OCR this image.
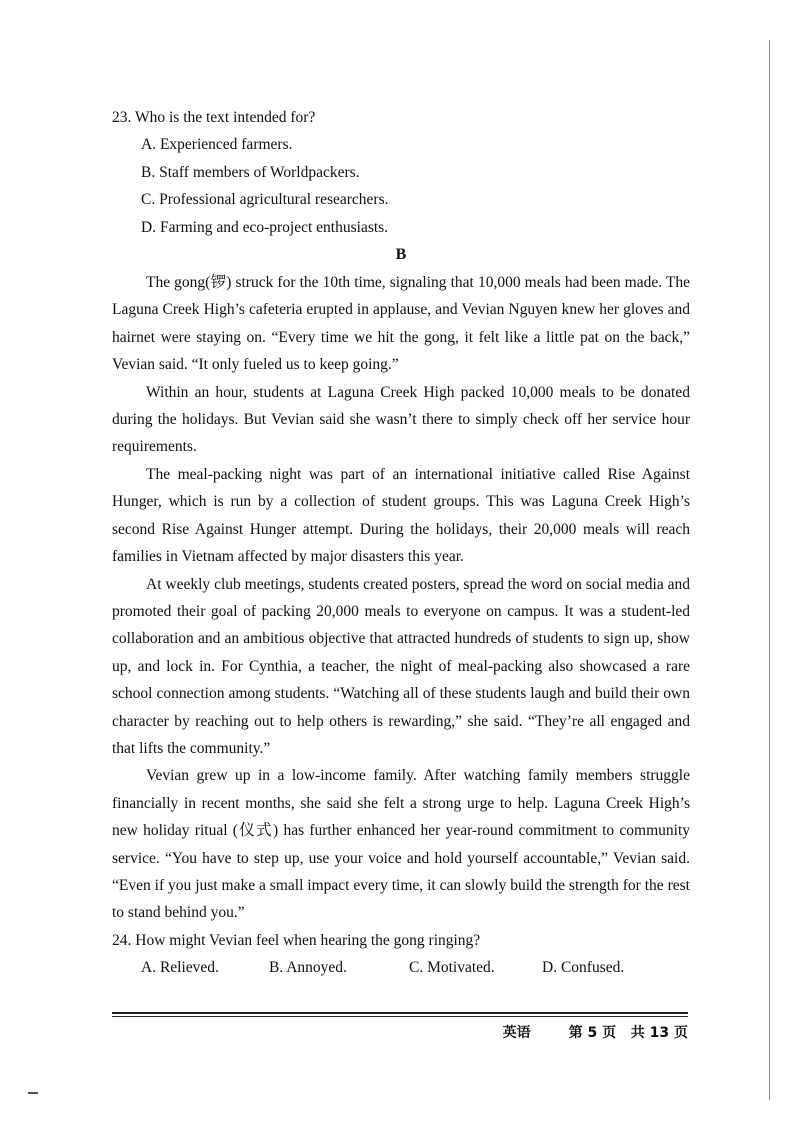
23. Who is the text intended for?
A. Experienced farmers.
B. Staff members of Worldpackers.
C. Professional agricultural researchers.
D. Farming and eco-project enthusiasts.
B

The gong(锣) struck for the 10th time, signaling that 10,000 meals had been made. The Laguna Creek High’s cafeteria erupted in applause, and Vevian Nguyen knew her gloves and hairnet were staying on. “Every time we hit the gong, it felt like a little pat on the back,” Vevian said. “It only fueled us to keep going.”

Within an hour, students at Laguna Creek High packed 10,000 meals to be donated during the holidays. But Vevian said she wasn’t there to simply check off her service hour requirements.

The meal-packing night was part of an international initiative called Rise Against Hunger, which is run by a collection of student groups. This was Laguna Creek High’s second Rise Against Hunger attempt. During the holidays, their 20,000 meals will reach families in Vietnam affected by major disasters this year.

At weekly club meetings, students created posters, spread the word on social media and promoted their goal of packing 20,000 meals to everyone on campus. It was a student-led collaboration and an ambitious objective that attracted hundreds of students to sign up, show up, and lock in. For Cynthia, a teacher, the night of meal-packing also showcased a rare school connection among students. “Watching all of these students laugh and build their own character by reaching out to help others is rewarding,” she said. “They’re all engaged and that lifts the community.”

Vevian grew up in a low-income family. After watching family members struggle financially in recent months, she said she felt a strong urge to help. Laguna Creek High’s new holiday ritual (仪式) has further enhanced her year-round commitment to community service. “You have to step up, use your voice and hold yourself accountable,” Vevian said. “Even if you just make a small impact every time, it can slowly build the strength for the rest to stand behind you.”

24. How might Vevian feel when hearing the gong ringing?
A. Relieved.	B. Annoyed.	C. Motivated.	D. Confused.
英语	第 5 页   共 13 页
